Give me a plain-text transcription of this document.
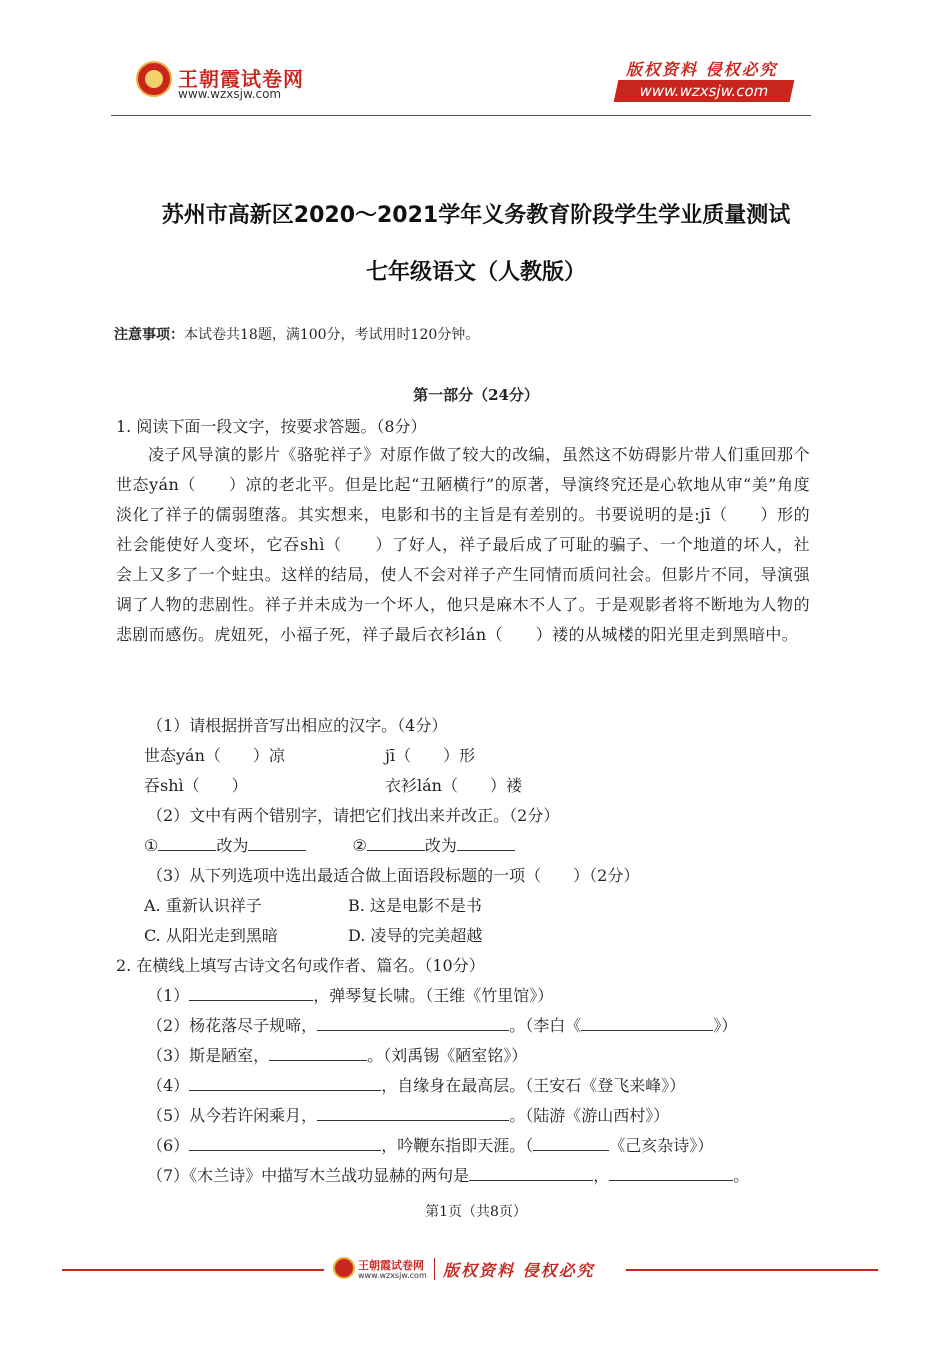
王朝霞试卷网
www.wzxsjw.com
版权资料 侵权必究
www.wzxsjw.com
苏州市高新区2020～2021学年义务教育阶段学生学业质量测试
七年级语文（人教版）
注意事项：本试卷共18题，满100分，考试用时120分钟。
第一部分（24分）
1. 阅读下面一段文字，按要求答题。（8分）
凌子风导演的影片《骆驼祥子》对原作做了较大的改编，虽然这不妨碍影片带人们重回那个世态yán（　　）凉的老北平。但是比起“丑陋横行”的原著，导演终究还是心软地从审“美”角度淡化了祥子的儒弱堕落。其实想来，电影和书的主旨是有差别的。书要说明的是:jī（　　）形的社会能使好人变坏，它吞shì（　　）了好人，祥子最后成了可耻的骗子、一个地道的坏人，社会上又多了一个蛀虫。这样的结局，使人不会对祥子产生同情而质问社会。但影片不同，导演强调了人物的悲剧性。祥子并未成为一个坏人，他只是麻木不人了。于是观影者将不断地为人物的悲剧而感伤。虎妞死，小福子死，祥子最后衣衫lán（　　）褛的从城楼的阳光里走到黑暗中。
（1）请根据拼音写出相应的汉字。（4分）
世态yán（　　）凉	jī（　　）形
吞shì（　　）	衣衫lán（　　）褛
（2）文中有两个错别字，请把它们找出来并改正。（2分）
①	改为	②	改为
（3）从下列选项中选出最适合做上面语段标题的一项（　　）（2分）
A. 重新认识祥子	B. 这是电影不是书
C. 从阳光走到黑暗	D. 凌导的完美超越
2. 在横线上填写古诗文名句或作者、篇名。（10分）
（1）	，弹琴复长啸。（王维《竹里馆》）
（2）杨花落尽子规啼，	。（李白《	》）
（3）斯是陋室，	。（刘禹锡《陋室铭》）
（4）	，自缘身在最高层。（王安石《登飞来峰》）
（5）从今若许闲乘月，	。（陆游《游山西村》）
（6）	，吟鞭东指即天涯。（	《己亥杂诗》）
（7）《木兰诗》中描写木兰战功显赫的两句是	，	。
第1页（共8页）
王朝霞试卷网
www.wzxsjw.com 版权资料 侵权必究
